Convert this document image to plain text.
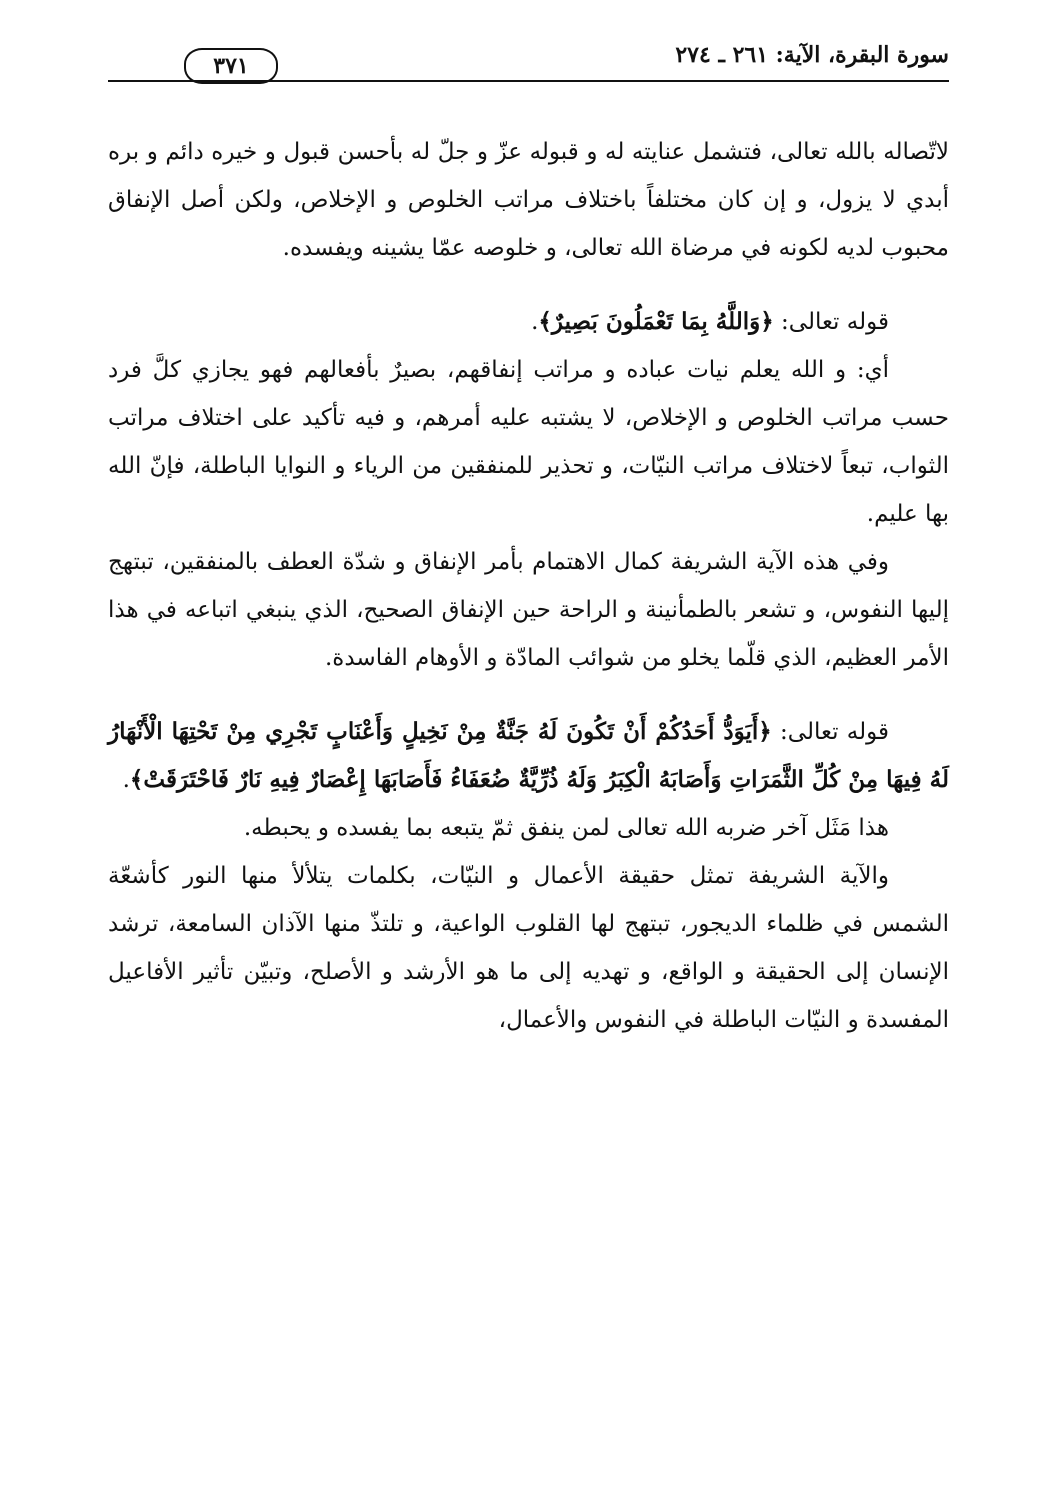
سورة البقرة، الآية: ٢٦١ ـ ٢٧٤
٣٧١

لاتّصاله بالله تعالى، فتشمل عنايته له و قبوله عزّ و جلّ له بأحسن قبول و خيره دائم و بره أبدي لا يزول، و إن كان مختلفاً باختلاف مراتب الخلوص و الإخلاص، ولكن أصل الإنفاق محبوب لديه لكونه في مرضاة الله تعالى، و خلوصه عمّا يشينه ويفسده.

قوله تعالى: ﴿وَاللَّهُ بِمَا تَعْمَلُونَ بَصِيرٌ﴾.

أي: و الله يعلم نيات عباده و مراتب إنفاقهم، بصيرٌ بأفعالهم فهو يجازي كلَّ فرد حسب مراتب الخلوص و الإخلاص، لا يشتبه عليه أمرهم، و فيه تأكيد على اختلاف مراتب الثواب، تبعاً لاختلاف مراتب النيّات، و تحذير للمنفقين من الرياء و النوايا الباطلة، فإنّ الله بها عليم.

وفي هذه الآية الشريفة كمال الاهتمام بأمر الإنفاق و شدّة العطف بالمنفقين، تبتهج إليها النفوس، و تشعر بالطمأنينة و الراحة حين الإنفاق الصحيح، الذي ينبغي اتباعه في هذا الأمر العظيم، الذي قلّما يخلو من شوائب المادّة و الأوهام الفاسدة.

قوله تعالى: ﴿أَيَوَدُّ أَحَدُكُمْ أَنْ تَكُونَ لَهُ جَنَّةٌ مِنْ نَخِيلٍ وَأَعْنَابٍ تَجْرِي مِنْ تَحْتِهَا الْأَنْهَارُ لَهُ فِيهَا مِنْ كُلِّ الثَّمَرَاتِ وَأَصَابَهُ الْكِبَرُ وَلَهُ ذُرِّيَّةٌ ضُعَفَاءُ فَأَصَابَهَا إِعْصَارٌ فِيهِ نَارٌ فَاحْتَرَقَتْ﴾.

هذا مَثَل آخر ضربه الله تعالى لمن ينفق ثمّ يتبعه بما يفسده و يحبطه.

والآية الشريفة تمثل حقيقة الأعمال و النيّات، بكلمات يتلألأ منها النور كأشعّة الشمس في ظلماء الديجور، تبتهج لها القلوب الواعية، و تلتذّ منها الآذان السامعة، ترشد الإنسان إلى الحقيقة و الواقع، و تهديه إلى ما هو الأرشد و الأصلح، وتبيّن تأثير الأفاعيل المفسدة و النيّات الباطلة في النفوس والأعمال،
